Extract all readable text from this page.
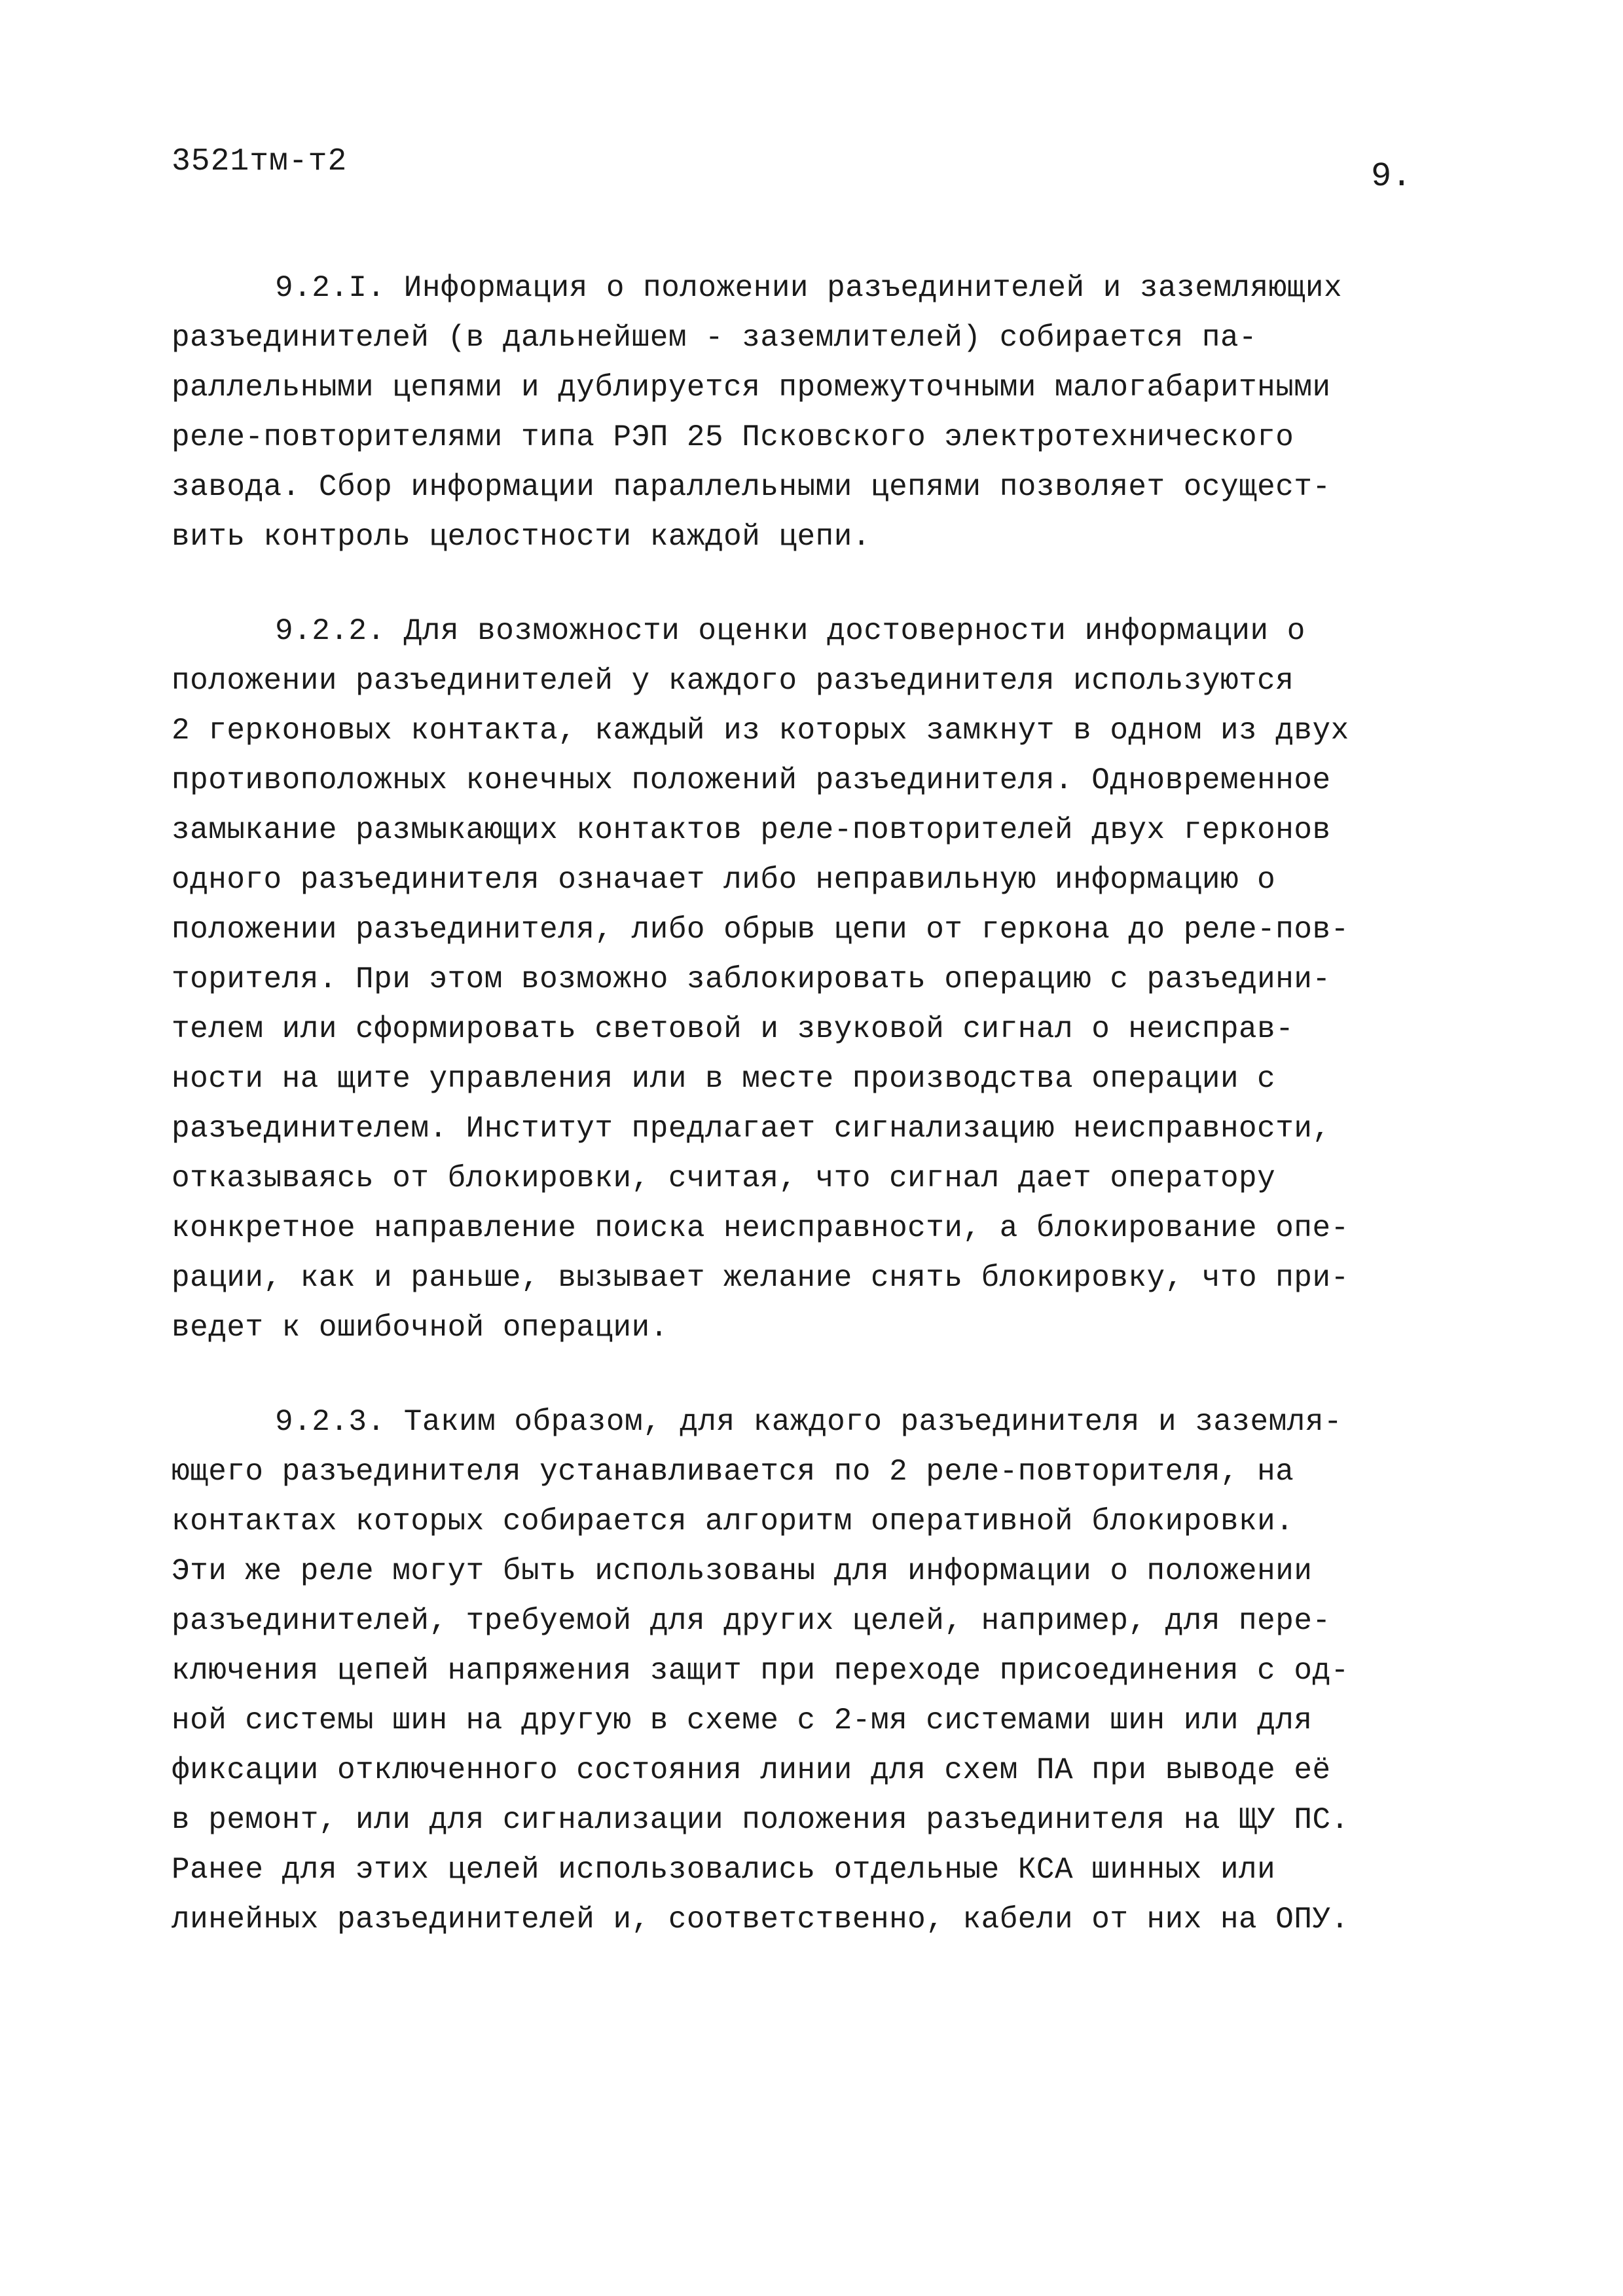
3521тм-т2	9.
9.2.I. Информация о положении разъединителей и заземляющих
разъединителей (в дальнейшем - заземлителей) собирается па-
раллельными цепями и дублируется промежуточными малогабаритными
реле-повторителями типа РЭП 25 Псковского электротехнического
завода. Сбор информации параллельными цепями позволяет осущест-
вить контроль целостности каждой цепи.
9.2.2. Для возможности оценки достоверности информации о
положении разъединителей у каждого разъединителя используются
2 герконовых контакта, каждый из которых замкнут в одном из двух
противоположных конечных положений разъединителя. Одновременное
замыкание размыкающих контактов реле-повторителей двух герконов
одного разъединителя означает либо неправильную информацию о
положении разъединителя, либо обрыв цепи от геркона до реле-пов-
торителя. При этом возможно заблокировать операцию с разъедини-
телем или сформировать световой и звуковой сигнал о неисправ-
ности на щите управления или в месте производства операции с
разъединителем. Институт предлагает сигнализацию неисправности,
отказываясь от блокировки, считая, что сигнал дает оператору
конкретное направление поиска неисправности, а блокирование опе-
рации, как и раньше, вызывает желание снять блокировку, что при-
ведет к ошибочной операции.
9.2.3. Таким образом, для каждого разъединителя и заземля-
ющего разъединителя устанавливается по 2 реле-повторителя, на
контактах которых собирается алгоритм оперативной блокировки.
Эти же реле могут быть использованы для информации о положении
разъединителей, требуемой для других целей, например, для пере-
ключения цепей напряжения защит при переходе присоединения с од-
ной системы шин на другую в схеме с 2-мя системами шин или для
фиксации отключенного состояния линии для схем ПА при выводе её
в ремонт, или для сигнализации положения разъединителя на ЩУ ПС.
Ранее для этих целей использовались отдельные КСА шинных или
линейных разъединителей и, соответственно, кабели от них на ОПУ.
